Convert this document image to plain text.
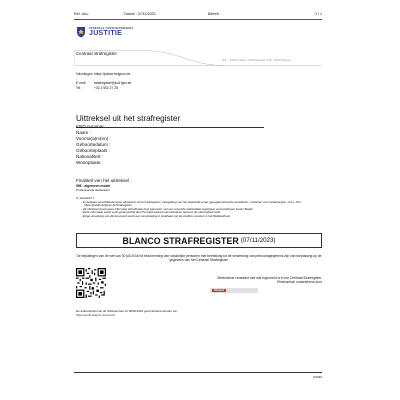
Ref. doc.:	- Datum : 07/11/2023	Betreft :	1 / 1
FEDERALE OVERHEIDSDIENST
JUSTITIE
Centraal strafregister
Wa. - 1000 Laatho, Waterlootaan 115, 1000 Brussel
Inlichtingen :
https://justice.belgium.be
E-mail :	strafregister@just.fgov.be
Tel :	+32 2 552 27 28
Uittreksel uit het strafregister
KBO nummer :
Naam :
Voorna(a)m(en) :
Geboortedatum :
Geboorteplaats :
Nationaliteit :
Woonplaats :
Finaliteit van het uittreksel :
596 - algemeen model
Professionele doeleinden
N. Aandacht !!
- Er bestaan verschillende types uittreksels uit het strafregister, naargelang van het doeleinde ervan (gereglementeerde activiteiten, contacten met minderjarigen, enz.). Info : https://justitie.belgium.be/strafregister
- Dit uittreksel bevat geen informatie betreffende door personen met een vreemde nationaliteit opgelopen veroordelingen buiten België
- Deze informatie wordt verkt gerangschikt door het land waarvan de betrokken persoon de nationaliteit heeft.
- Enige vervalsing van dit document wordt een veroordeling in strafzaak met de straffen voorzien in het Strafwetboek.
BLANCO STRAFREGISTER (07/11/2023)
De bepalingen van de wet van 30 juli 2018 tot bescherming van natuurlijke personen met betrekking tot de verwerking van persoonsgegevens zijn van toepassing op de gegevens van het Centraal Strafregister.
Bereustend verstaant met wat ingevoerd is in het Centraal Strafregister,
Elektronisch ondertekend door
Stempel
De authenticiteit van dit uittreksel kan tot 06/02/2024 gecontroleerd worden via :
https://certif.belgium.be/record
CS040
